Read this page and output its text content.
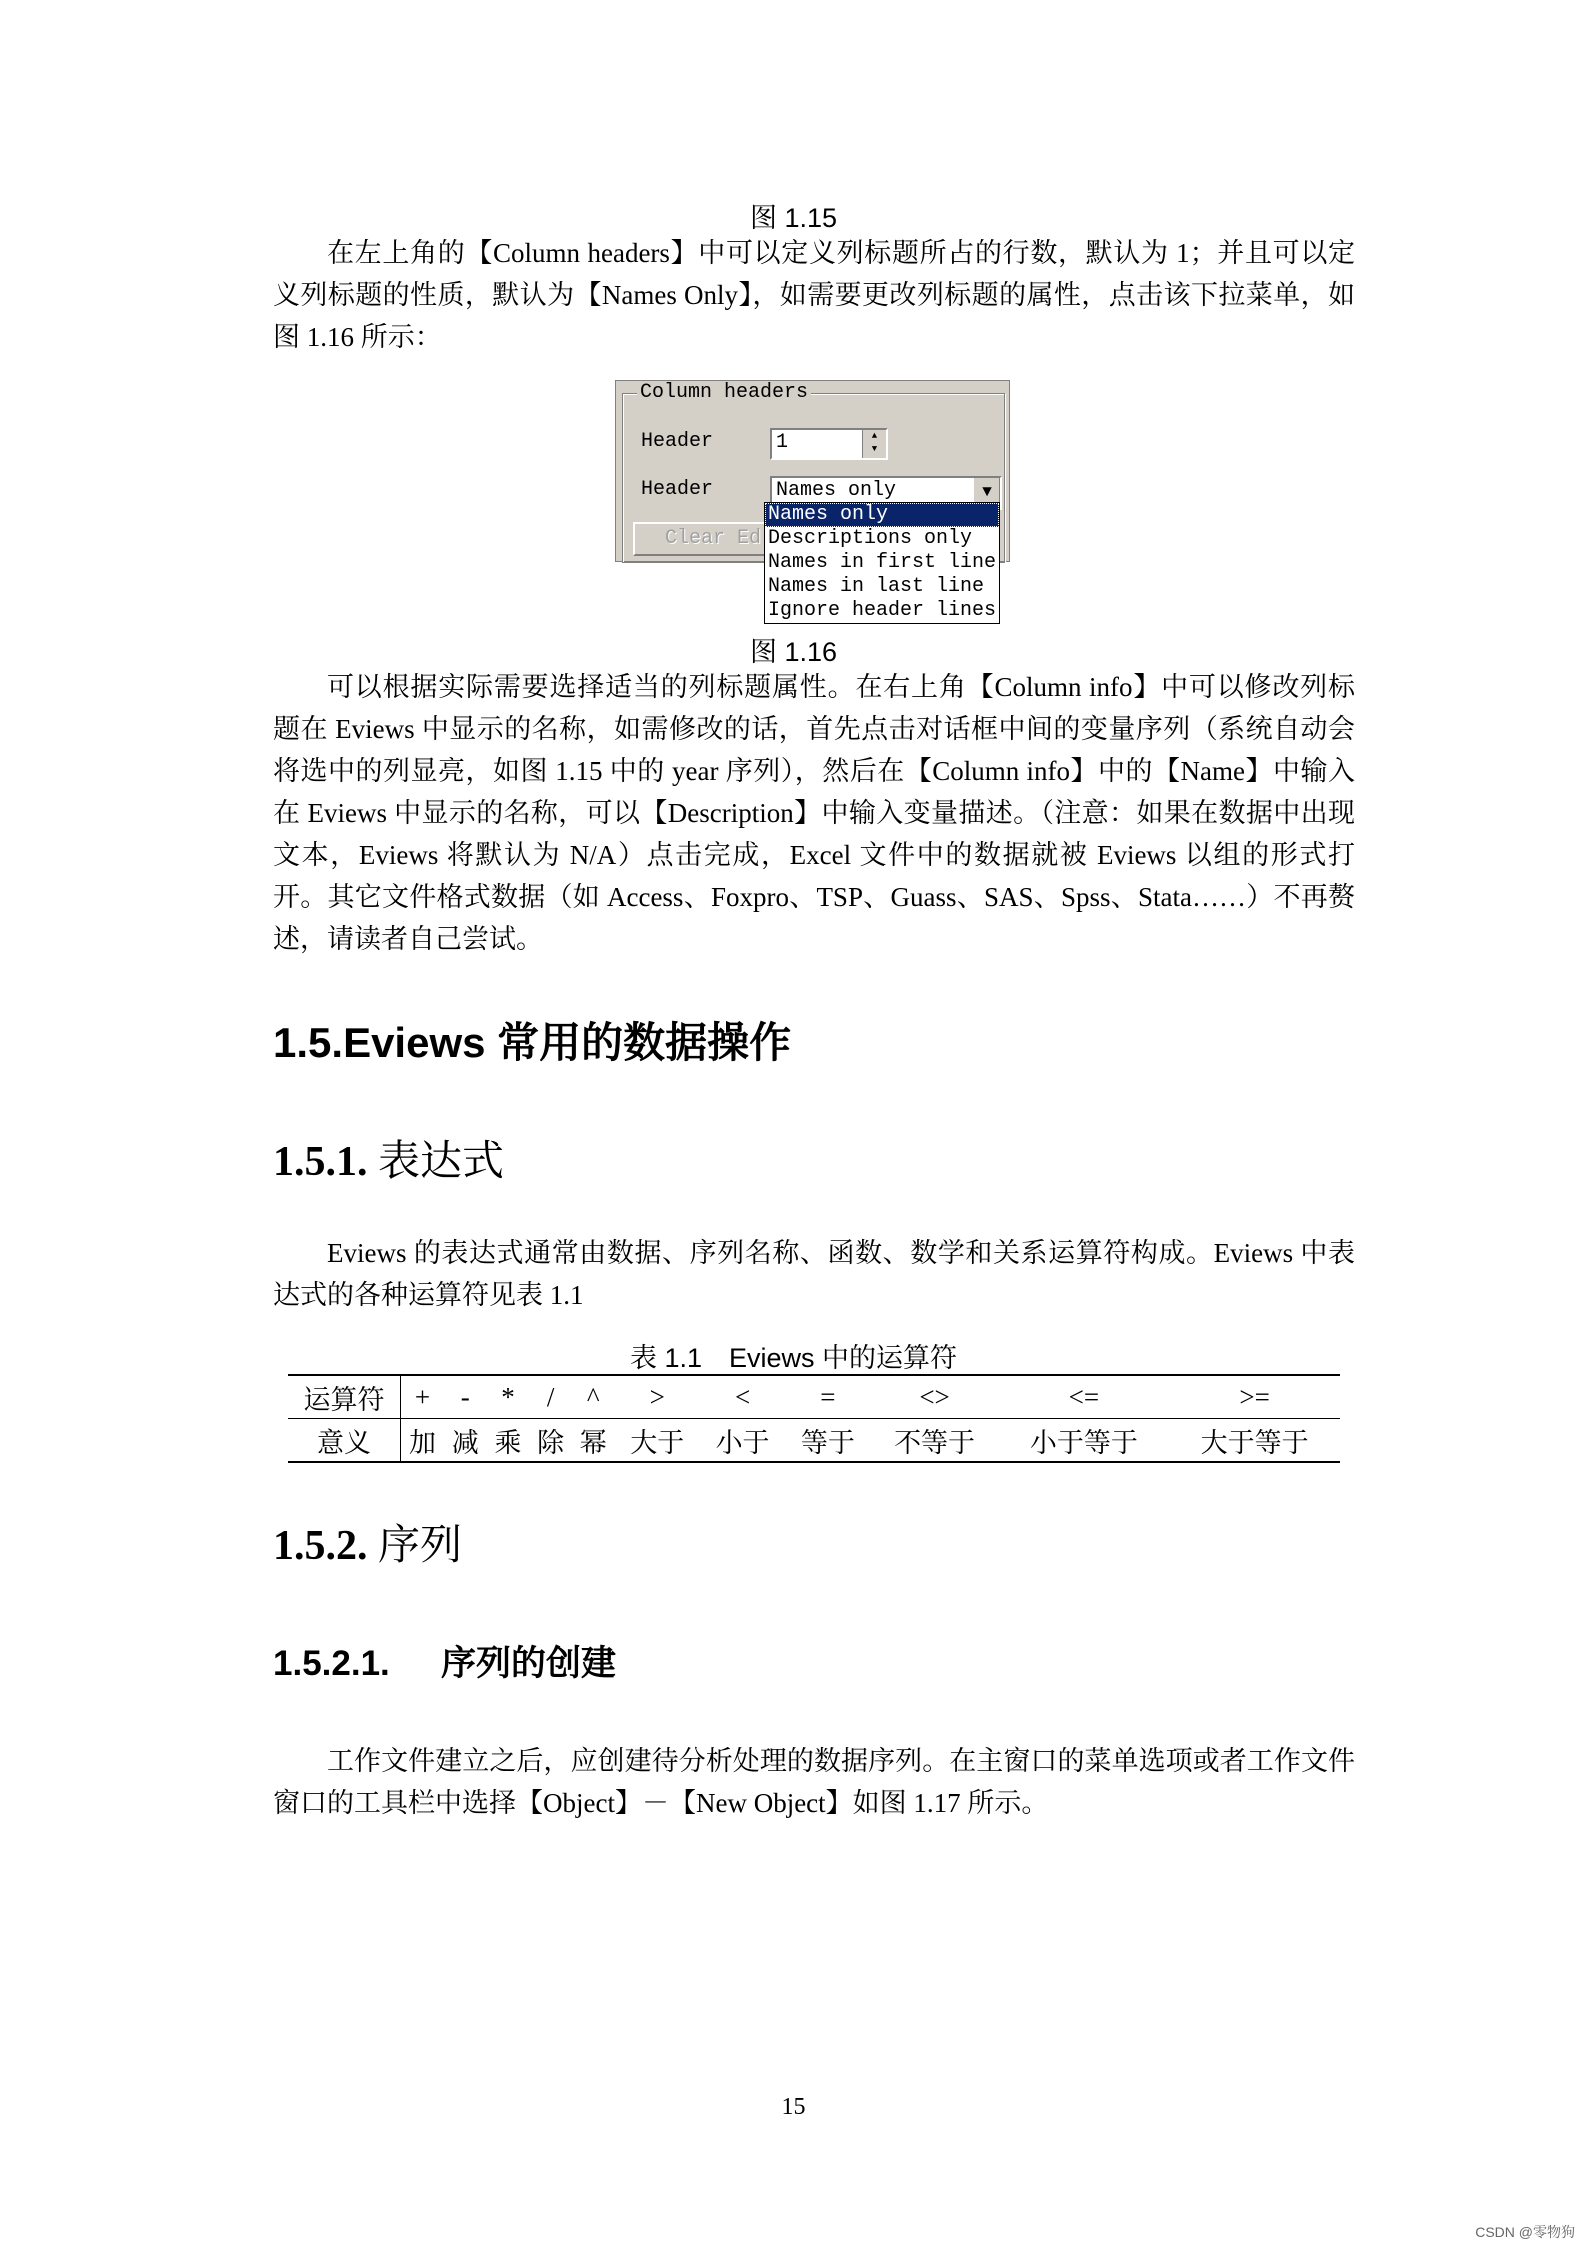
图 1.15

在左上角的【Column headers】中可以定义列标题所占的行数，默认为 1；并且可以定义列标题的性质，默认为【Names Only】，如需要更改列标题的属性，点击该下拉菜单，如图 1.16 所示：

Column headers
Header	1	▲
▼
Header	Names only	▼
Clear Ed
Names only
Descriptions only
Names in first line
Names in last line
Ignore header lines
图 1.16

可以根据实际需要选择适当的列标题属性。在右上角【Column info】中可以修改列标题在 Eviews 中显示的名称，如需修改的话，首先点击对话框中间的变量序列（系统自动会将选中的列显亮，如图 1.15 中的 year 序列），然后在【Column info】中的【Name】中输入在 Eviews 中显示的名称，可以【Description】中输入变量描述。（注意：如果在数据中出现文本，Eviews 将默认为 N/A）点击完成，Excel 文件中的数据就被 Eviews 以组的形式打开。其它文件格式数据（如 Access、Foxpro、TSP、Guass、SAS、Spss、Stata……）不再赘述，请读者自己尝试。

1.5.Eviews 常用的数据操作
1.5.1. 表达式

Eviews 的表达式通常由数据、序列名称、函数、数学和关系运算符构成。Eviews 中表达式的各种运算符见表 1.1

表 1.1　Eviews 中的运算符
运算符	+	-	*	/	^	>	<	=	<>	<=	>=
意义	加	减	乘	除	幂	大于	小于	等于	不等于	小于等于	大于等于
1.5.2. 序列
1.5.2.1. 序列的创建

工作文件建立之后，应创建待分析处理的数据序列。在主窗口的菜单选项或者工作文件窗口的工具栏中选择【Object】－【New Object】如图 1.17 所示。

15
CSDN @零物狗
